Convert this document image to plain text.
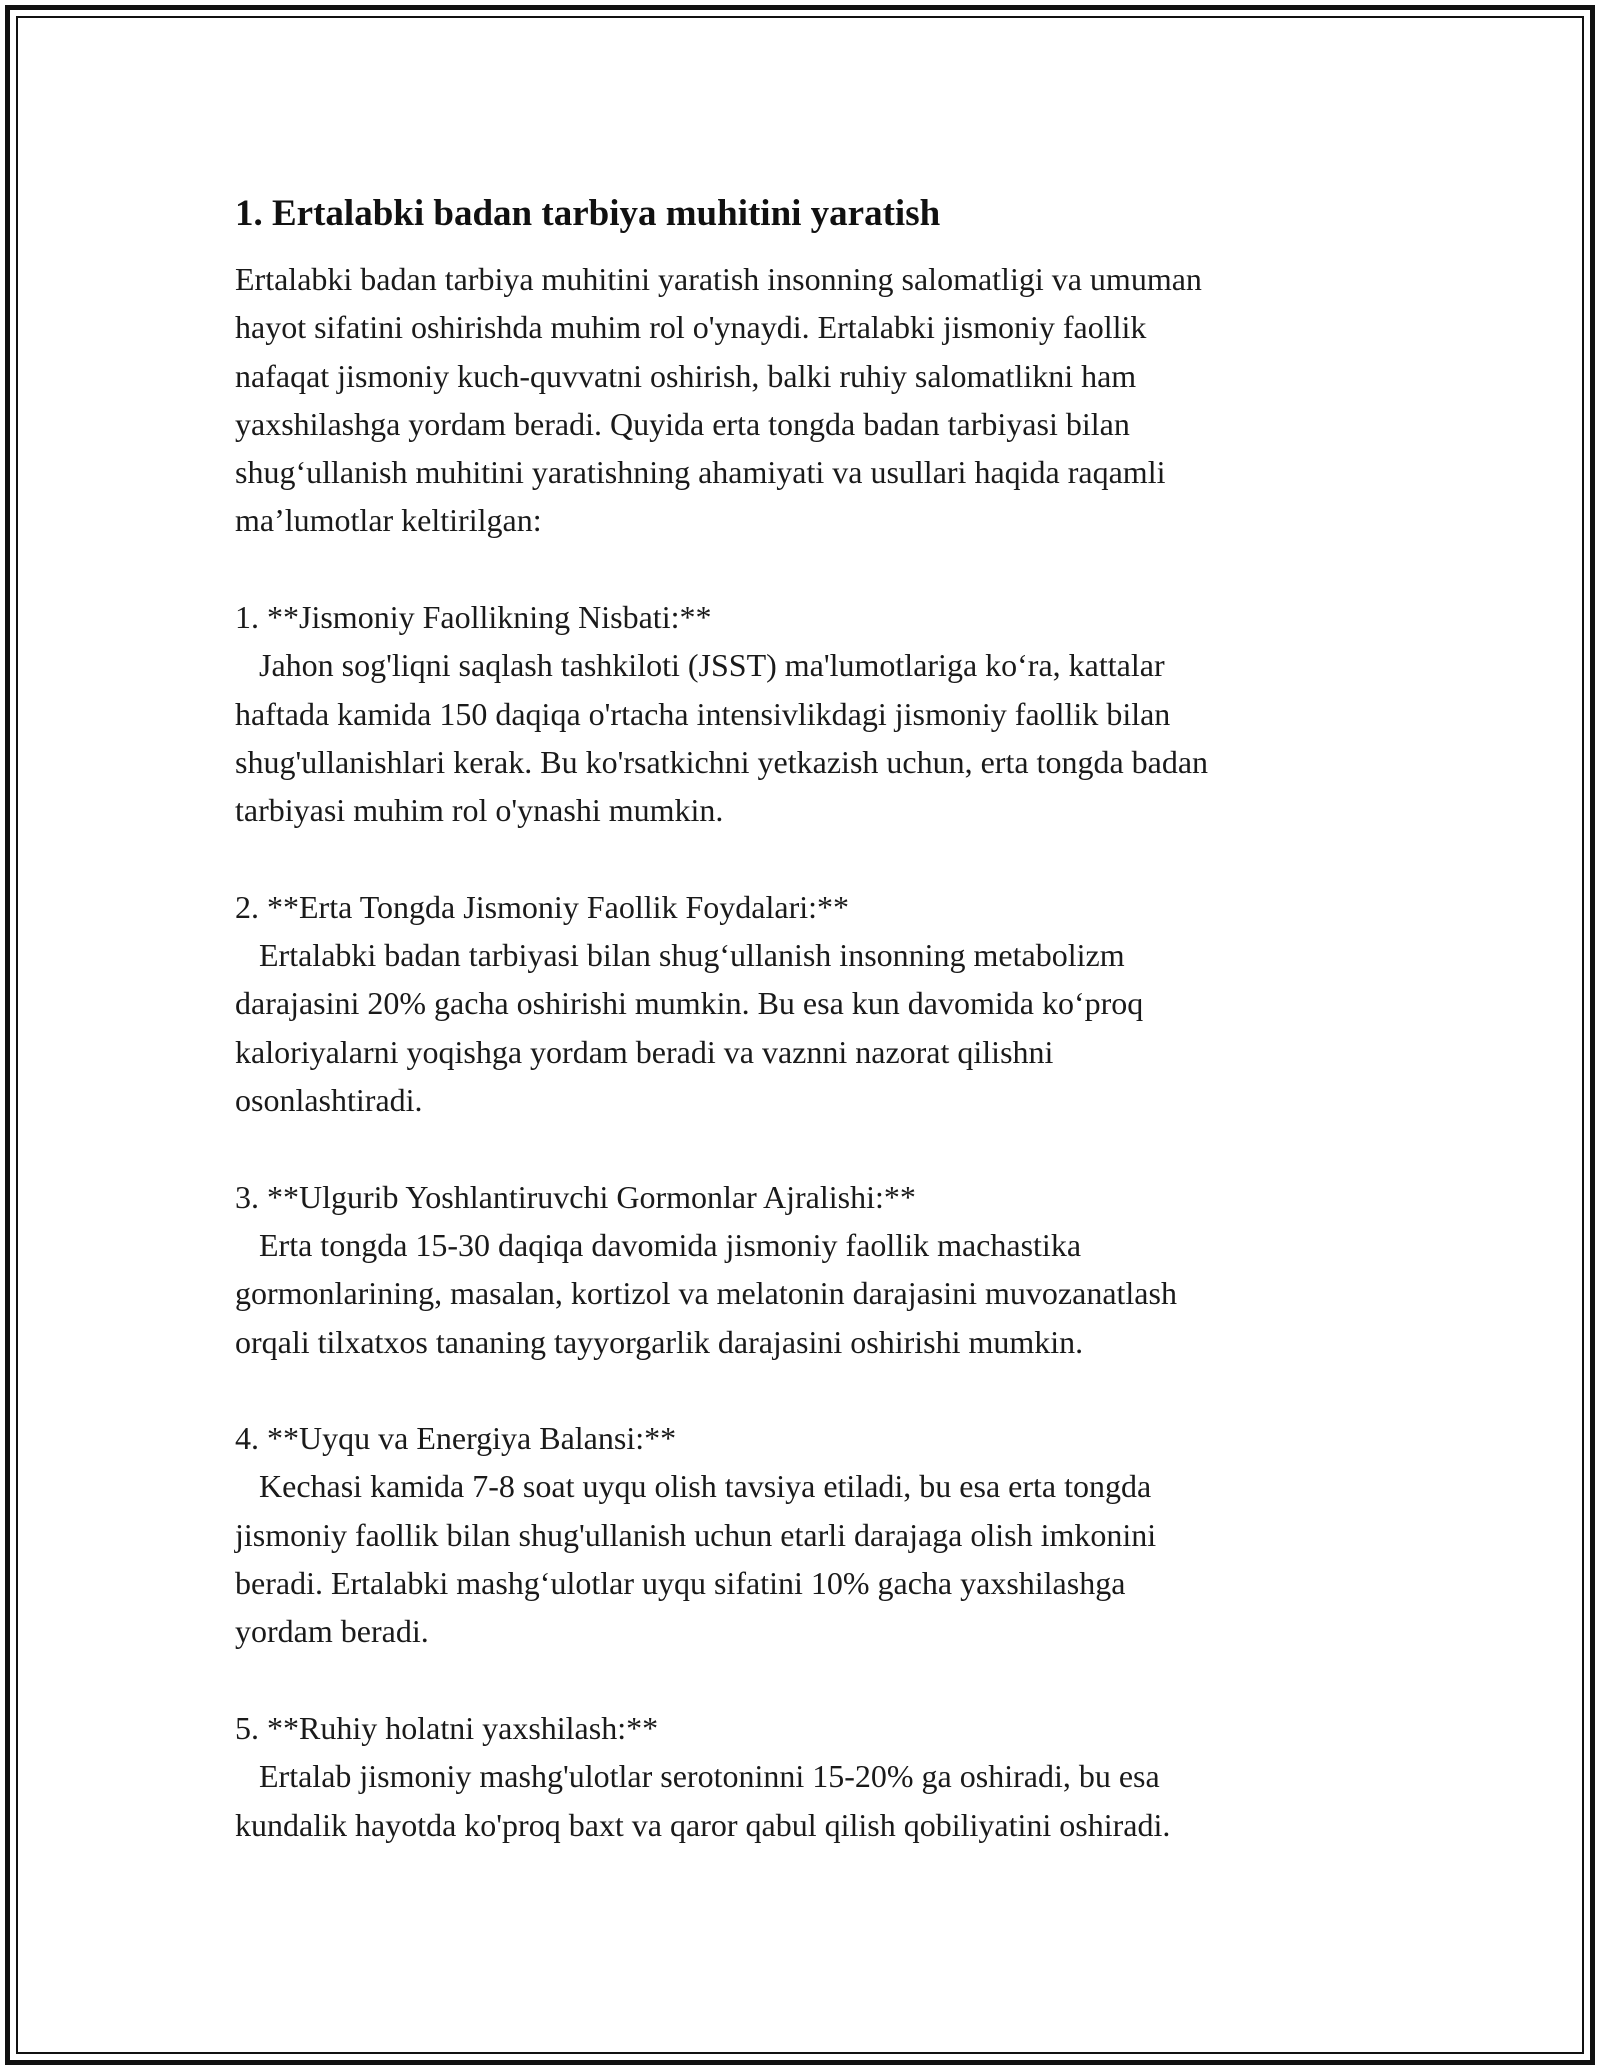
1. Ertalabki badan tarbiya muhitini yaratish
Ertalabki badan tarbiya muhitini yaratish insonning salomatligi va umuman
hayot sifatini oshirishda muhim rol o'ynaydi. Ertalabki jismoniy faollik
nafaqat jismoniy kuch-quvvatni oshirish, balki ruhiy salomatlikni ham
yaxshilashga yordam beradi. Quyida erta tongda badan tarbiyasi bilan
shug‘ullanish muhitini yaratishning ahamiyati va usullari haqida raqamli
ma’lumotlar keltirilgan:
1. **Jismoniy Faollikning Nisbati:**
Jahon sog'liqni saqlash tashkiloti (JSST) ma'lumotlariga ko‘ra, kattalar
haftada kamida 150 daqiqa o'rtacha intensivlikdagi jismoniy faollik bilan
shug'ullanishlari kerak. Bu ko'rsatkichni yetkazish uchun, erta tongda badan
tarbiyasi muhim rol o'ynashi mumkin.
2. **Erta Tongda Jismoniy Faollik Foydalari:**
Ertalabki badan tarbiyasi bilan shug‘ullanish insonning metabolizm
darajasini 20% gacha oshirishi mumkin. Bu esa kun davomida ko‘proq
kaloriyalarni yoqishga yordam beradi va vaznni nazorat qilishni
osonlashtiradi.
3. **Ulgurib Yoshlantiruvchi Gormonlar Ajralishi:**
Erta tongda 15-30 daqiqa davomida jismoniy faollik machastika
gormonlarining, masalan, kortizol va melatonin darajasini muvozanatlash
orqali tilxatxos tananing tayyorgarlik darajasini oshirishi mumkin.
4. **Uyqu va Energiya Balansi:**
Kechasi kamida 7-8 soat uyqu olish tavsiya etiladi, bu esa erta tongda
jismoniy faollik bilan shug'ullanish uchun etarli darajaga olish imkonini
beradi. Ertalabki mashg‘ulotlar uyqu sifatini 10% gacha yaxshilashga
yordam beradi.
5. **Ruhiy holatni yaxshilash:**
Ertalab jismoniy mashg'ulotlar serotoninni 15-20% ga oshiradi, bu esa
kundalik hayotda ko'proq baxt va qaror qabul qilish qobiliyatini oshiradi.
